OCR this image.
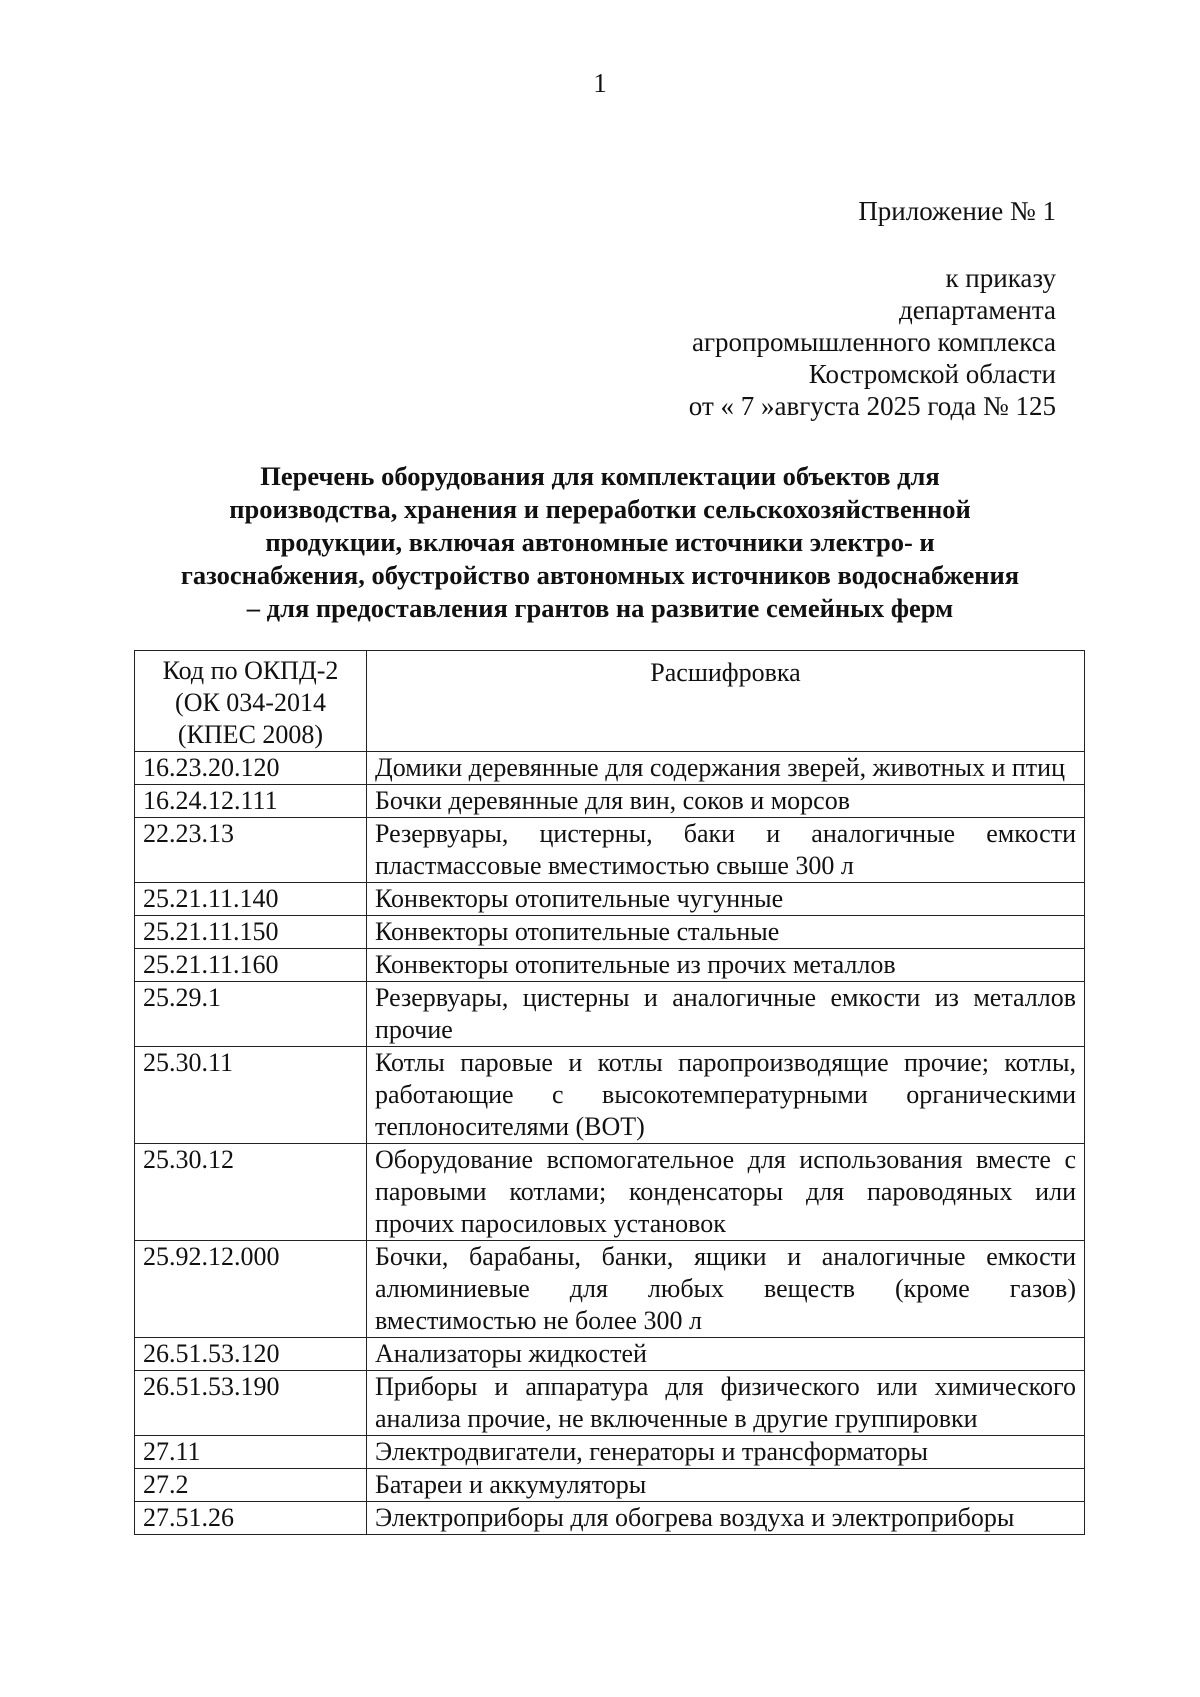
1
Приложение № 1
к приказу
департамента
агропромышленного комплекса
Костромской области
от « 7 »августа 2025 года № 125
Перечень оборудования для комплектации объектов для
производства, хранения и переработки сельскохозяйственной
продукции, включая автономные источники электро- и
газоснабжения, обустройство автономных источников водоснабжения
– для предоставления грантов на развитие семейных ферм
Код по ОКПД-2
(ОК 034-2014
(КПЕС 2008)	Расшифровка
16.23.20.120	Домики деревянные для содержания зверей, животных и птиц
16.24.12.111	Бочки деревянные для вин, соков и морсов
22.23.13	Резервуары, цистерны, баки и аналогичные емкости пластмассовые вместимостью свыше 300 л
25.21.11.140	Конвекторы отопительные чугунные
25.21.11.150	Конвекторы отопительные стальные
25.21.11.160	Конвекторы отопительные из прочих металлов
25.29.1	Резервуары, цистерны и аналогичные емкости из металлов прочие
25.30.11	Котлы паровые и котлы паропроизводящие прочие; котлы, работающие с высокотемпературными органическими теплоносителями (ВОТ)
25.30.12	Оборудование вспомогательное для использования вместе с паровыми котлами; конденсаторы для пароводяных или прочих паросиловых установок
25.92.12.000	Бочки, барабаны, банки, ящики и аналогичные емкости алюминиевые для любых веществ (кроме газов) вместимостью не более 300 л
26.51.53.120	Анализаторы жидкостей
26.51.53.190	Приборы и аппаратура для физического или химического анализа прочие, не включенные в другие группировки
27.11	Электродвигатели, генераторы и трансформаторы
27.2	Батареи и аккумуляторы
27.51.26	Электроприборы для обогрева воздуха и электроприборы
